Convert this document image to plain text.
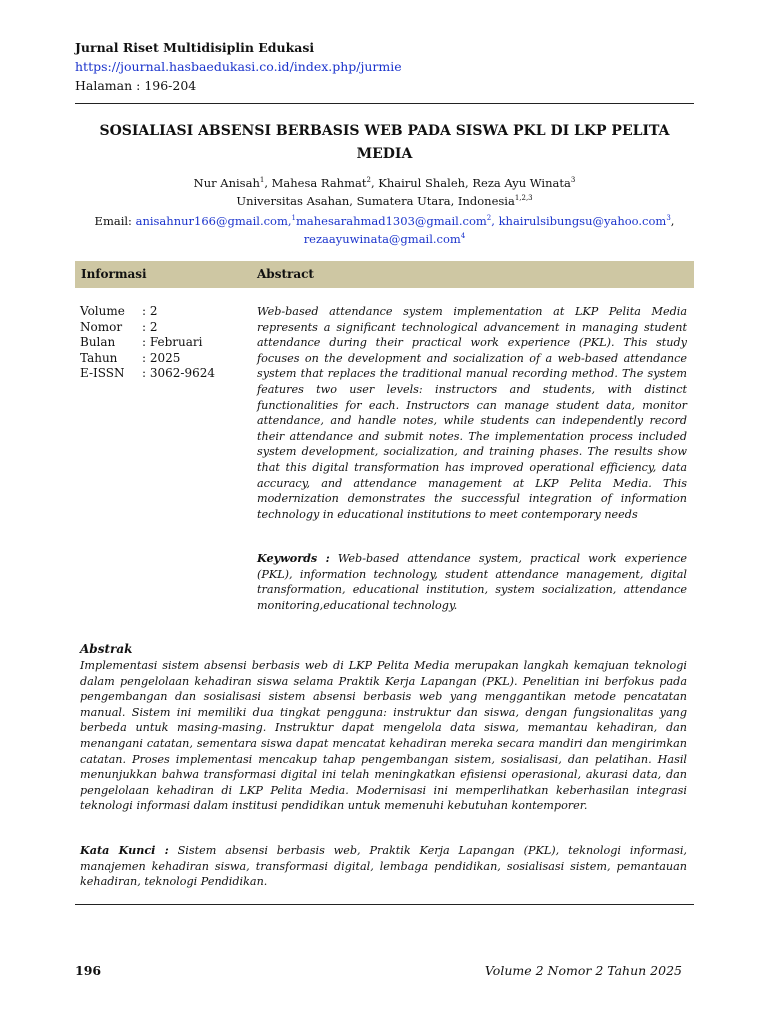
Jurnal Riset Multidisiplin Edukasi
https://journal.hasbaedukasi.co.id/index.php/jurmie
Halaman : 196-204
SOSIALIASI ABSENSI BERBASIS WEB PADA SISWA PKL DI LKP PELITA MEDIA
Nur Anisah$^1$, Mahesa Rahmat$^2$, Khairul Shaleh, Reza Ayu Winata$^3$
Universitas Asahan, Sumatera Utara, Indonesia$^{1,2,3}$
Email: anisahnur166@gmail.com,$^1$mahesarahmad1303@gmail.com$^2$, khairulsibungsu@yahoo.com$^3$,
rezaayuwinata@gmail.com$^4$
Informasi	Abstract
Volume	: 2
Nomor	: 2
Bulan	: Februari
Tahun	: 2025
E-ISSN	: 3062-9624
Web-based attendance system implementation at LKP Pelita Media represents a significant technological advancement in managing student attendance during their practical work experience (PKL). This study focuses on the development and socialization of a web-based attendance system that replaces the traditional manual recording method. The system features two user levels: instructors and students, with distinct functionalities for each. Instructors can manage student data, monitor attendance, and handle notes, while students can independently record their attendance and submit notes. The implementation process included system development, socialization, and training phases. The results show that this digital transformation has improved operational efficiency, data accuracy, and attendance management at LKP Pelita Media. This modernization demonstrates the successful integration of information technology in educational institutions to meet contemporary needs
Keywords : Web-based attendance system, practical work experience (PKL), information technology, student attendance management, digital transformation, educational institution, system socialization, attendance monitoring,educational technology.
Abstrak
Implementasi sistem absensi berbasis web di LKP Pelita Media merupakan langkah kemajuan teknologi dalam pengelolaan kehadiran siswa selama Praktik Kerja Lapangan (PKL). Penelitian ini berfokus pada pengembangan dan sosialisasi sistem absensi berbasis web yang menggantikan metode pencatatan manual. Sistem ini memiliki dua tingkat pengguna: instruktur dan siswa, dengan fungsionalitas yang berbeda untuk masing-masing. Instruktur dapat mengelola data siswa, memantau kehadiran, dan menangani catatan, sementara siswa dapat mencatat kehadiran mereka secara mandiri dan mengirimkan catatan. Proses implementasi mencakup tahap pengembangan sistem, sosialisasi, dan pelatihan. Hasil menunjukkan bahwa transformasi digital ini telah meningkatkan efisiensi operasional, akurasi data, dan pengelolaan kehadiran di LKP Pelita Media. Modernisasi ini memperlihatkan keberhasilan integrasi teknologi informasi dalam institusi pendidikan untuk memenuhi kebutuhan kontemporer.
Kata Kunci : Sistem absensi berbasis web, Praktik Kerja Lapangan (PKL), teknologi informasi, manajemen kehadiran siswa, transformasi digital, lembaga pendidikan, sosialisasi sistem, pemantauan kehadiran, teknologi Pendidikan.
196	Volume 2 Nomor 2 Tahun 2025
